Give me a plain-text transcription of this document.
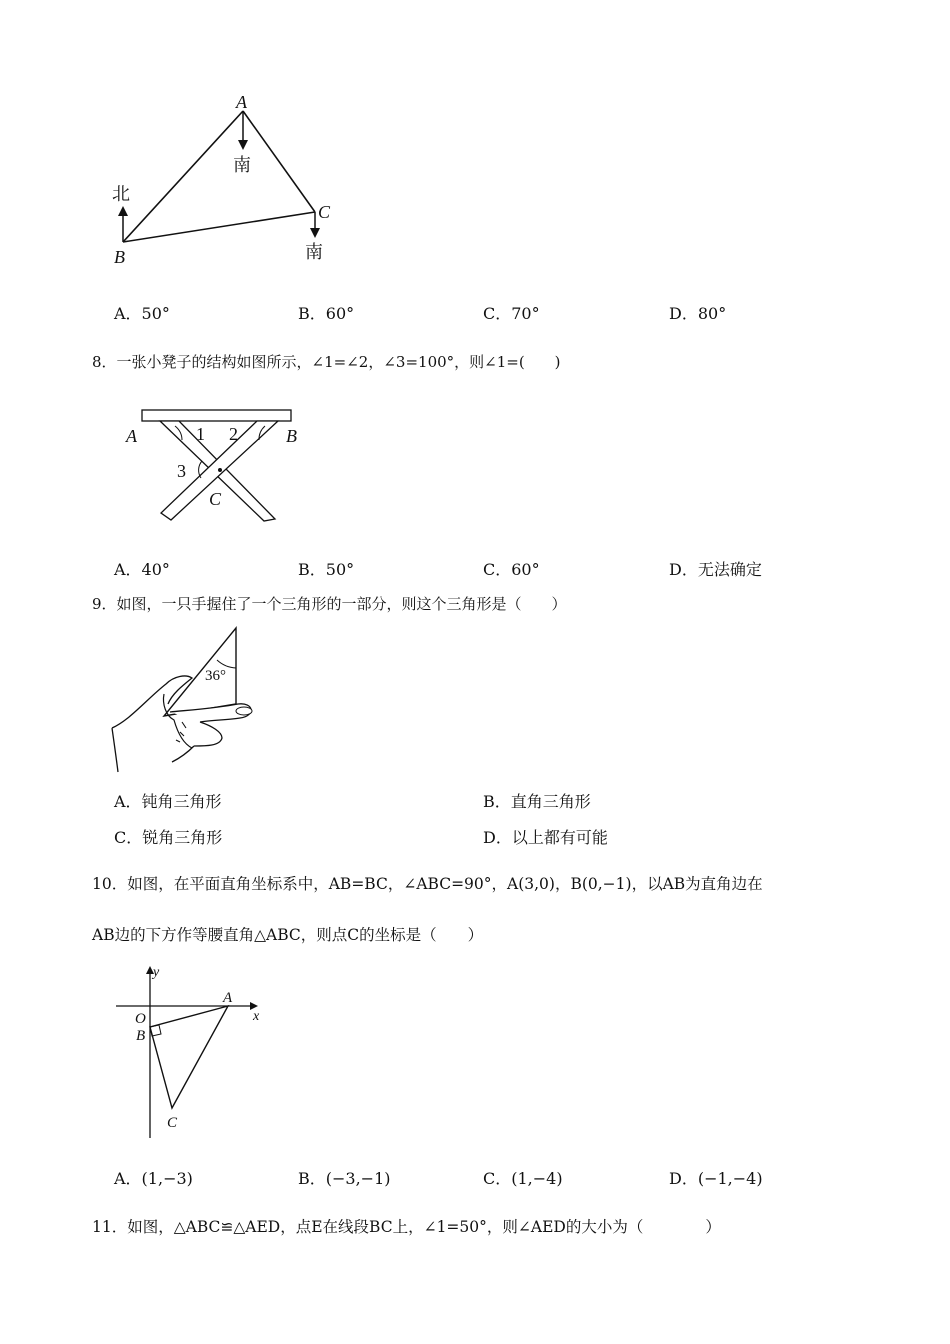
A
B
C
北
南
南
A．50°	B．60°	C．70°	D．80°
8．一张小凳子的结构如图所示，∠1=∠2，∠3=100°，则∠1=(　　)
A	B
C
1 2
3
A．40°	B．50°	C．60°	D．无法确定
9．如图，一只手握住了一个三角形的一部分，则这个三角形是（　　）
36°
A．钝角三角形	B．直角三角形
C．锐角三角形	D．以上都有可能
10．如图，在平面直角坐标系中，AB=BC，∠ABC=90°，A(3,0)，B(0,−1)，以AB为直角边在
AB边的下方作等腰直角△ABC，则点C的坐标是（　　）
y
x
O
A
B
C
A．(1,−3)	B．(−3,−1)	C．(1,−4)	D．(−1,−4)
11．如图，△ABC≌△AED，点E在线段BC上，∠1=50°，则∠AED的大小为（　　　　）
